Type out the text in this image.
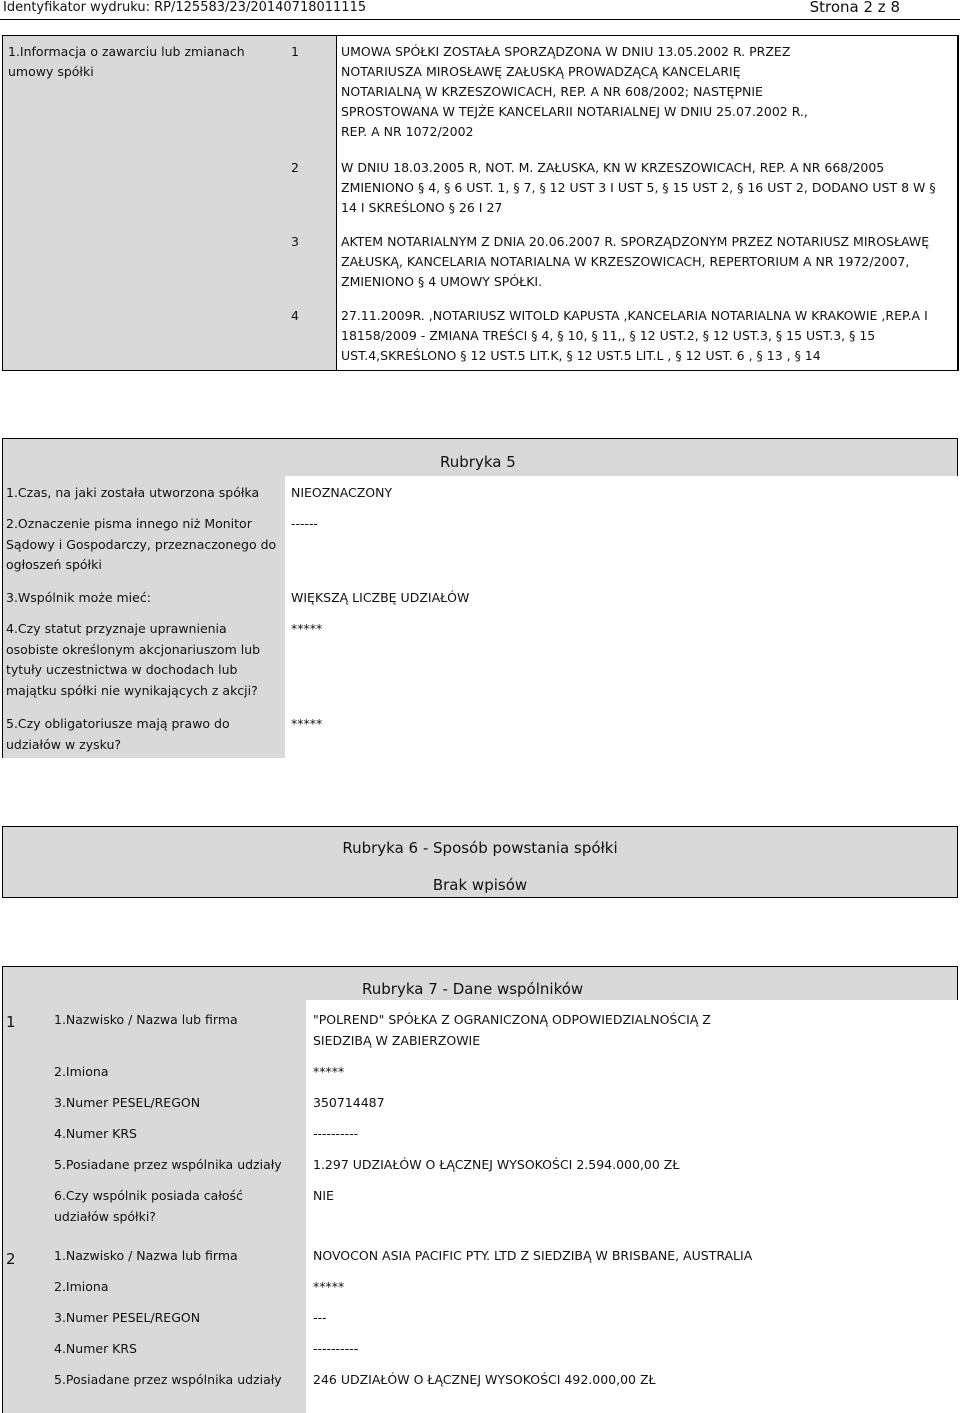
Identyfikator wydruku: RP/125583/23/20140718011115	Strona 2 z 8
1.Informacja o zawarciu lub zmianach umowy spółki
1	UMOWA SPÓŁKI ZOSTAŁA SPORZĄDZONA W DNIU 13.05.2002 R. PRZEZ NOTARIUSZA MIROSŁAWĘ ZAŁUSKĄ PROWADZĄCĄ KANCELARIĘ NOTARIALNĄ W KRZESZOWICACH, REP. A NR 608/2002; NASTĘPNIE SPROSTOWANA W TEJŻE KANCELARII NOTARIALNEJ W DNIU 25.07.2002 R., REP. A NR 1072/2002
2	W DNIU 18.03.2005 R, NOT. M. ZAŁUSKA, KN W KRZESZOWICACH, REP. A NR 668/2005 ZMIENIONO § 4, § 6 UST. 1, § 7, § 12 UST 3 I UST 5, § 15 UST 2, § 16 UST 2, DODANO UST 8 W § 14 I SKREŚLONO § 26 I 27
3	AKTEM NOTARIALNYM Z DNIA 20.06.2007 R. SPORZĄDZONYM PRZEZ NOTARIUSZ MIROSŁAWĘ ZAŁUSKĄ, KANCELARIA NOTARIALNA W KRZESZOWICACH, REPERTORIUM A NR 1972/2007, ZMIENIONO § 4 UMOWY SPÓŁKI.
4	27.11.2009R. ,NOTARIUSZ WITOLD KAPUSTA ,KANCELARIA NOTARIALNA W KRAKOWIE ,REP.A I 18158/2009 - ZMIANA TREŚCI § 4, § 10, § 11,, § 12 UST.2, § 12 UST.3, § 15 UST.3, § 15 UST.4,SKREŚLONO § 12 UST.5 LIT.K, § 12 UST.5 LIT.L , § 12 UST. 6 , § 13 , § 14
Rubryka 5
1.Czas, na jaki została utworzona spółka	NIEOZNACZONY
2.Oznaczenie pisma innego niż Monitor Sądowy i Gospodarczy, przeznaczonego do ogłoszeń spółki
------
3.Wspólnik może mieć:	WIĘKSZĄ LICZBĘ UDZIAŁÓW
4.Czy statut przyznaje uprawnienia osobiste określonym akcjonariuszom lub tytuły uczestnictwa w dochodach lub majątku spółki nie wynikających z akcji?
*****
5.Czy obligatoriusze mają prawo do udziałów w zysku?
*****
Rubryka 6 - Sposób powstania spółki
Brak wpisów
Rubryka 7 - Dane wspólników
1	1.Nazwisko / Nazwa lub firma	"POLREND" SPÓŁKA Z OGRANICZONĄ ODPOWIEDZIALNOŚCIĄ Z SIEDZIBĄ W ZABIERZOWIE
2.Imiona	*****
3.Numer PESEL/REGON	350714487
4.Numer KRS	----------
5.Posiadane przez wspólnika udziały	1.297 UDZIAŁÓW O ŁĄCZNEJ WYSOKOŚCI 2.594.000,00 ZŁ
6.Czy wspólnik posiada całość udziałów spółki?
NIE
2	1.Nazwisko / Nazwa lub firma	NOVOCON ASIA PACIFIC PTY. LTD Z SIEDZIBĄ W BRISBANE, AUSTRALIA
2.Imiona	*****
3.Numer PESEL/REGON	---
4.Numer KRS	----------
5.Posiadane przez wspólnika udziały	246 UDZIAŁÓW O ŁĄCZNEJ WYSOKOŚCI 492.000,00 ZŁ
